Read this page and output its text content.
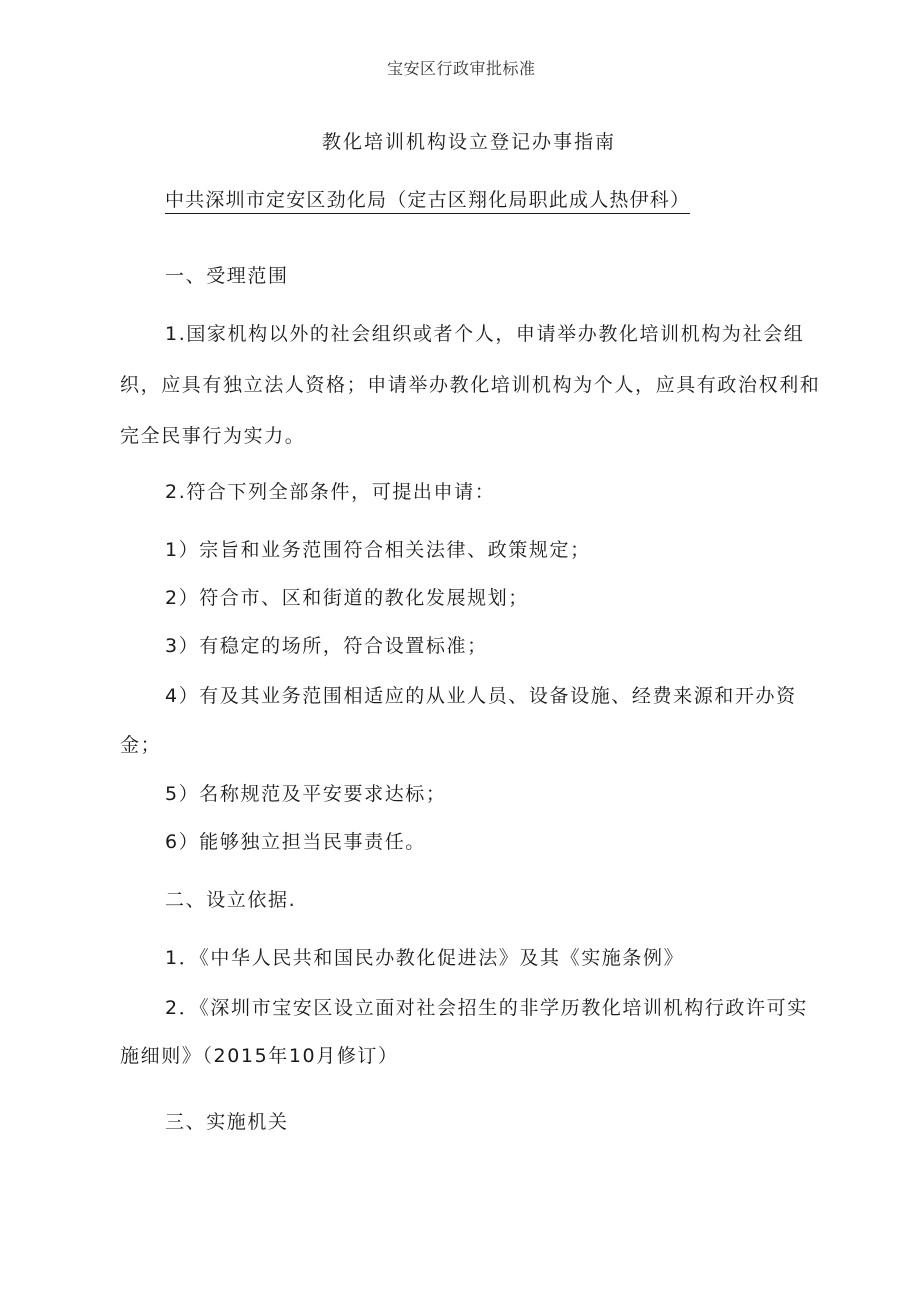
宝安区行政审批标准
教化培训机构设立登记办事指南
中共深圳市定安区劲化局（定古区翔化局职此成人热伊科）
一、受理范围
1.国家机构以外的社会组织或者个人，申请举办教化培训机构为社会组
织，应具有独立法人资格；申请举办教化培训机构为个人，应具有政治权利和
完全民事行为实力。
2.符合下列全部条件，可提出申请：
1）宗旨和业务范围符合相关法律、政策规定；
2）符合市、区和街道的教化发展规划；
3）有稳定的场所，符合设置标准；
4）有及其业务范围相适应的从业人员、设备设施、经费来源和开办资
金；
5）名称规范及平安要求达标；
6）能够独立担当民事责任。
二、设立依据.
1．《中华人民共和国民办教化促进法》及其《实施条例》
2．《深圳市宝安区设立面对社会招生的非学历教化培训机构行政许可实
施细则》（2015年10月修订）
三、实施机关
